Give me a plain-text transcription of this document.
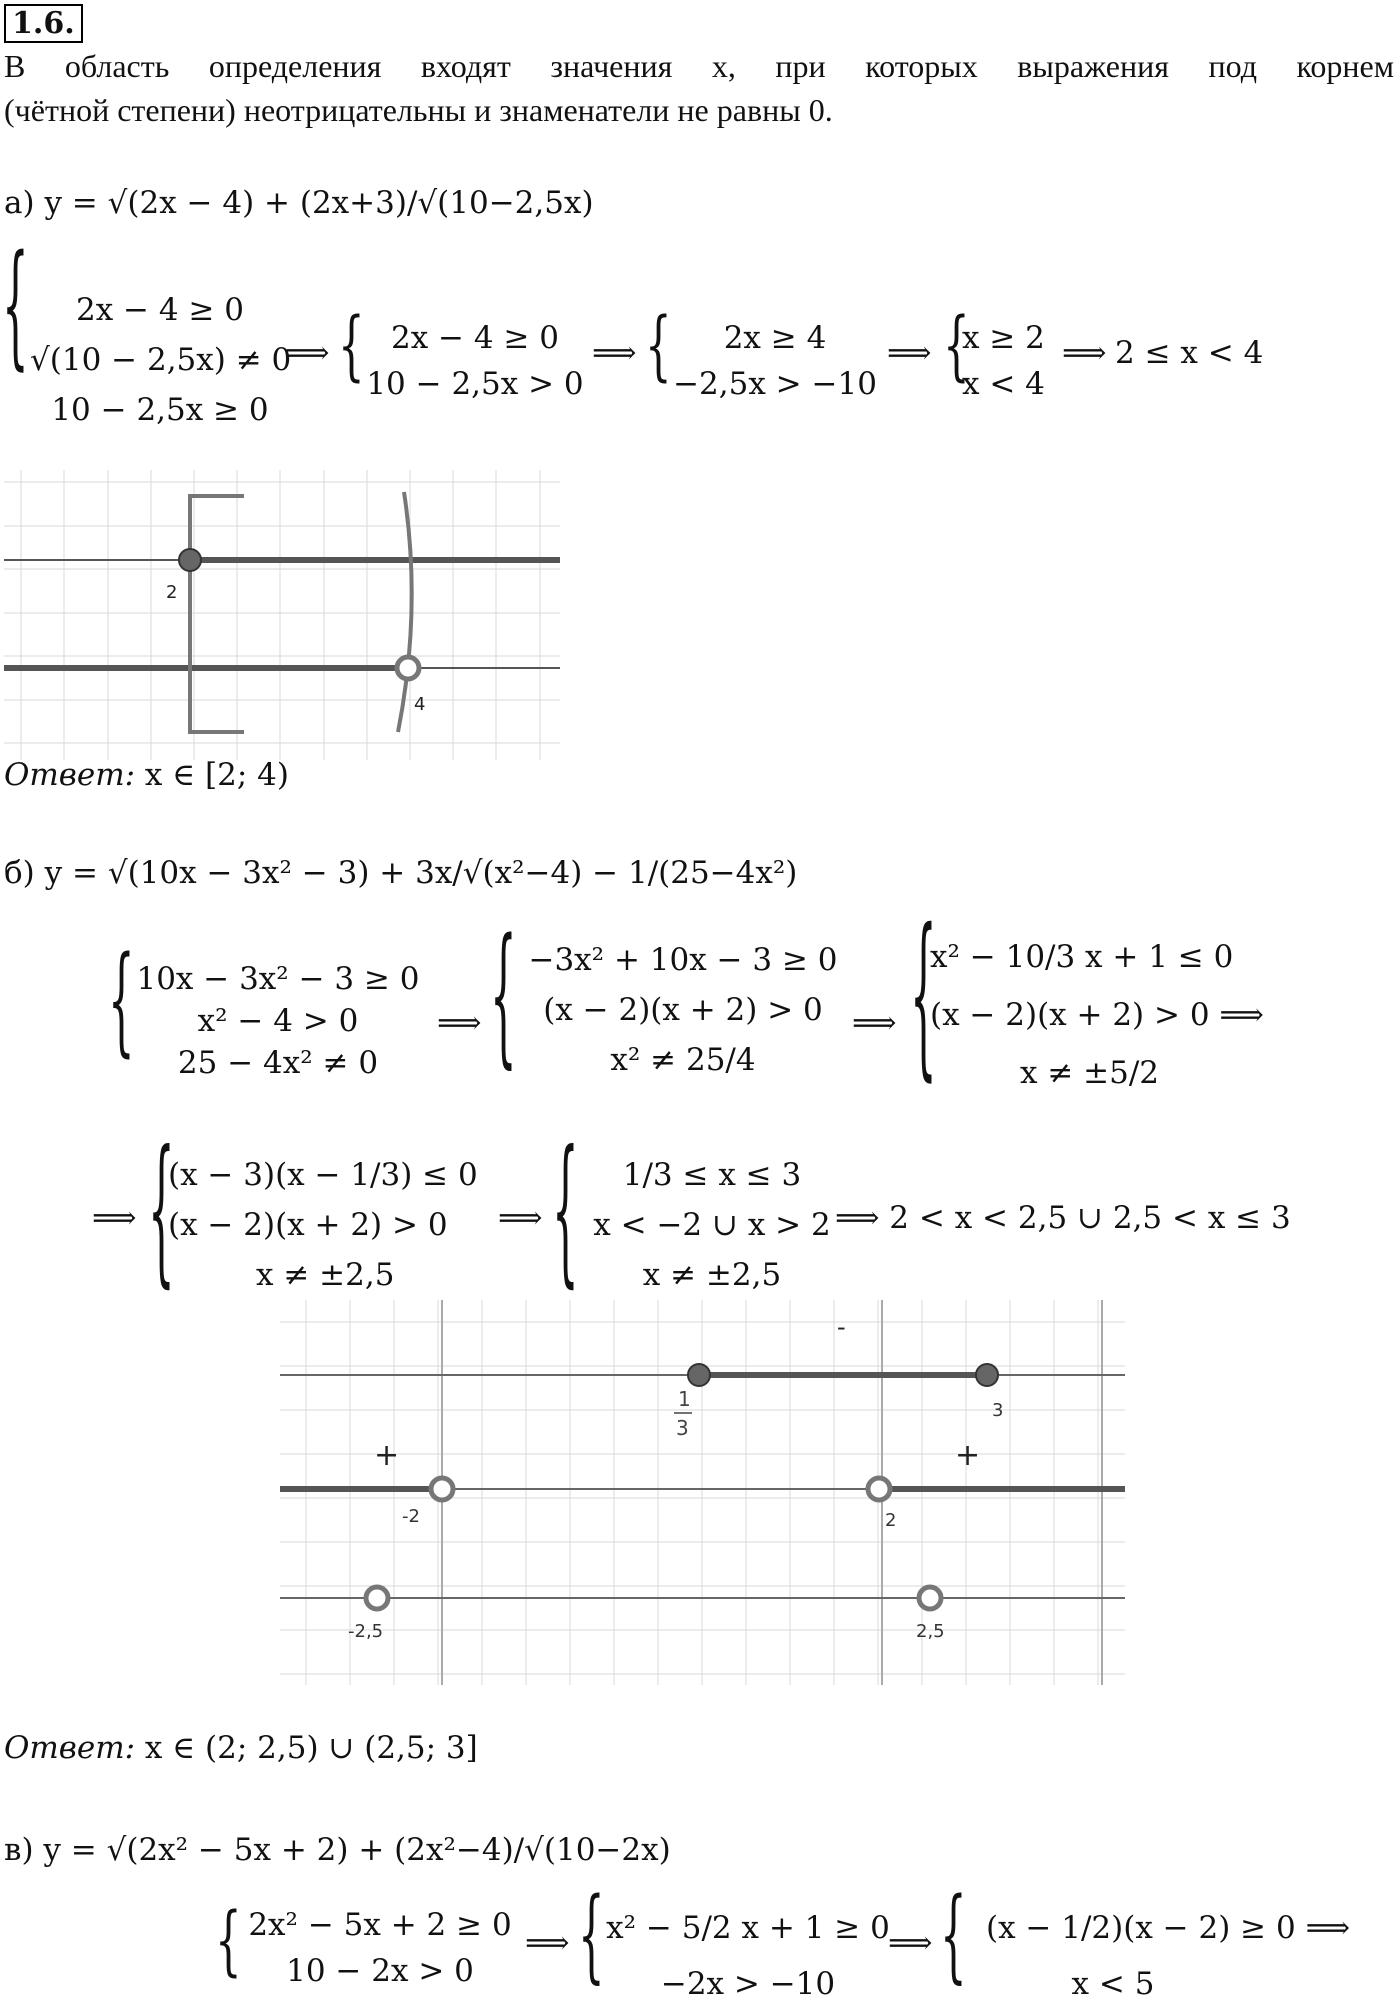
1.6.
В область определения входят значения x, при которых выражения под корнем
(чётной степени) неотрицательны и знаменатели не равны 0.
а) y = √(2x − 4) + (2x+3)/√(10−2,5x)
{	2x − 4 ≥ 0
√(10 − 2,5x) ≠ 0
10 − 2,5x ≥ 0
⟹ { 2x − 4 ≥ 0
10 − 2,5x > 0
⟹ {	2x ≥ 4
−2,5x > −10
⟹ {
x ≥ 2
x < 4
⟹ 2 ≤ x < 4
2
4
Ответ: x ∈ [2; 4)
б) y = √(10x − 3x² − 3) + 3x/√(x²−4) − 1/(25−4x²)
{ 10x − 3x² − 3 ≥ 0
x² − 4 > 0
25 − 4x² ≠ 0
⟹ { −3x² + 10x − 3 ≥ 0
(x − 2)(x + 2) > 0
x² ≠ 25/4
⟹ {
x² − 10/3 x + 1 ≤ 0
(x − 2)(x + 2) > 0 ⟹
x ≠ ±5/2
⟹ {
(x − 3)(x − 1/3) ≤ 0
(x − 2)(x + 2) > 0
x ≠ ±2,5
⟹ {	1/3 ≤ x ≤ 3
x < −2 ∪ x > 2
x ≠ ±2,5
⟹ 2 < x < 2,5 ∪ 2,5 < x ≤ 3
-
+	+
1
3
3
-2	2
-2,5	2,5
Ответ: x ∈ (2; 2,5) ∪ (2,5; 3]
в) y = √(2x² − 5x + 2) + (2x²−4)/√(10−2x)
{ 2x² − 5x + 2 ≥ 0
10 − 2x > 0
⟹ { x² − 5/2 x + 1 ≥ 0
−2x > −10
⟹ { (x − 1/2)(x − 2) ≥ 0 ⟹
x < 5
